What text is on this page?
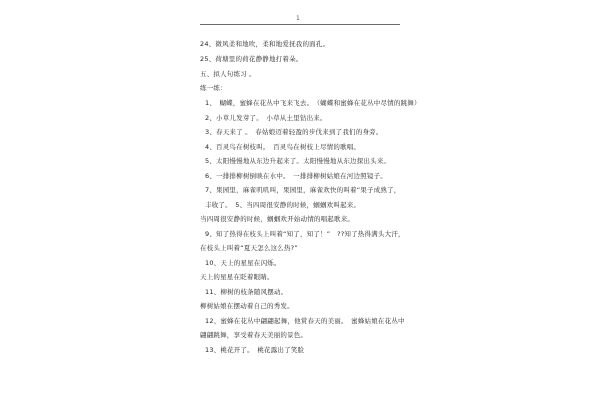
1
24、微风柔和地吹，柔和地爱抚我的面孔。
25、荷塘里的荷花静静地打着朵。
五、拟人句练习 。
练一练：
1、　蝴蝶，蜜蜂在花丛中飞来飞去。　（蝴蝶和蜜蜂在花丛中尽情的跳舞）
2、小草儿发芽了。　小草从土里钻出来。
3、春天来了 。　春姑娘迈着轻盈的步伐来到了我们的身旁。
4、百灵鸟在树枝叫。　百灵鸟在树枝上尽情的歌唱。
5、太阳慢慢地从东边升起来了。太阳慢慢地从东边探出头来。
6、一排排柳树倒映在水中。　一排排柳树姑娘在河边照镜子。
7、果园里，麻雀叽叽叫，果园里，麻雀欢快的叫着“果子成熟了，
丰收了。　5、当四周很安静的时候，蝈蝈欢叫起来。
当四周很安静的时候，蝈蝈欢开始动情的唱起歌来。
9、知了热得在枝头上叫着“知了，知了！”　??知了热得满头大汗，
在枝头上叫着“夏天怎么这么热?”
10、天上的星星在闪烁。
天上的星星在眨着眼睛。
11、柳树的枝条随风摆动。
柳树姑娘在摆动着自己的秀发。
12、蜜蜂在花丛中翩翩起舞，他赏春天的美丽。　蜜蜂姑娘在花丛中
翩翩跳舞，享受着春天美丽的景色。
13、桃花开了。　桃花露出了笑脸
